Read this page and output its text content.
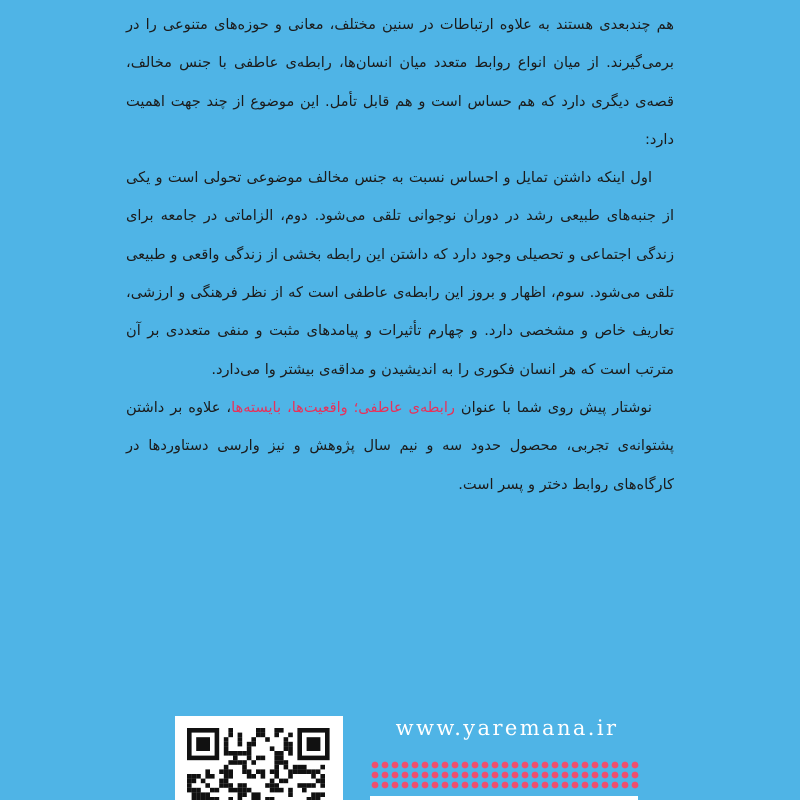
هم چندبعدی هستند به علاوه ارتباطات در سنین مختلف، معانی و حوزه‌های متنوعی را در برمی‌گیرند. از میان انواع روابط متعدد میان انسان‌ها، رابطه‌ی عاطفی با جنس مخالف، قصه‌ی دیگری دارد که هم حساس است و هم قابل تأمل. این موضوع از چند جهت اهمیت دارد:

اول اینکه داشتن تمایل و احساس نسبت به جنس مخالف موضوعی تحولی است و یکی از جنبه‌های طبیعی رشد در دوران نوجوانی تلقی می‌شود. دوم، الزاماتی در جامعه برای زندگی اجتماعی و تحصیلی وجود دارد که داشتن این رابطه بخشی از زندگی واقعی و طبیعی تلقی می‌شود. سوم، اظهار و بروز این رابطه‌ی عاطفی است که از نظر فرهنگی و ارزشی، تعاریف خاص و مشخصی دارد. و چهارم تأثیرات و پیامدهای مثبت و منفی متعددی بر آن مترتب است که هر انسان فکوری را به اندیشیدن و مداقه‌ی بیشتر وا می‌دارد.

نوشتار پیش روی شما با عنوان رابطه‌ی عاطفی؛ واقعیت‌ها، بایسته‌ها، علاوه بر داشتن پشتوانه‌ی تجربی، محصول حدود سه و نیم سال پژوهش و نیز وارسی دستاوردها در کارگاه‌های روابط دختر و پسر است.

www.yaremana.ir
